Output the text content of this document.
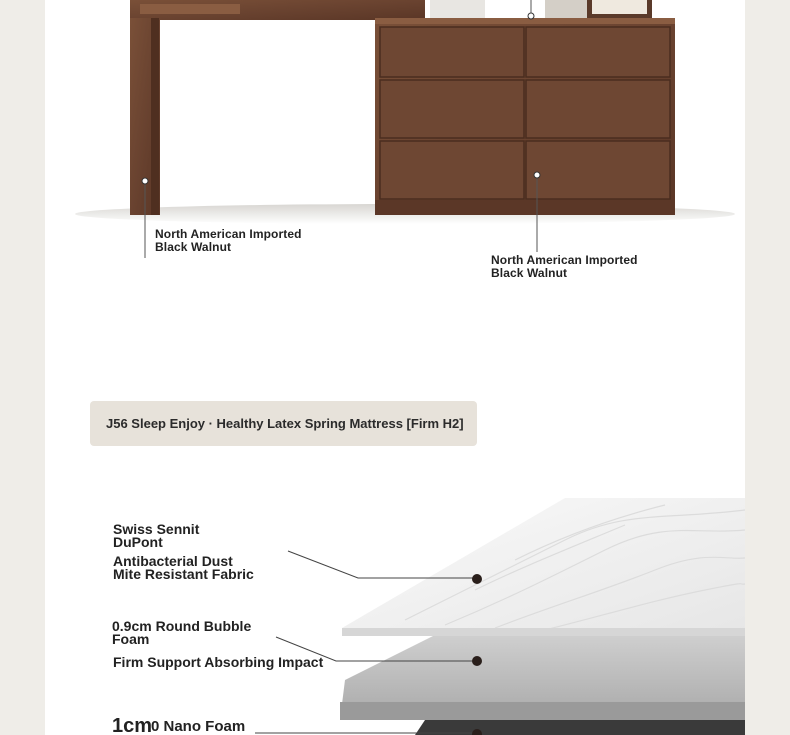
North American Imported
Black Walnut
North American Imported
Black Walnut
J56 Sleep Enjoy · Healthy Latex Spring Mattress [Firm H2]
Swiss Sennit
DuPont
Antibacterial Dust
Mite Resistant Fabric
0.9cm Round Bubble
Foam
Firm Support Absorbing Impact
1cm
0 Nano Foam
